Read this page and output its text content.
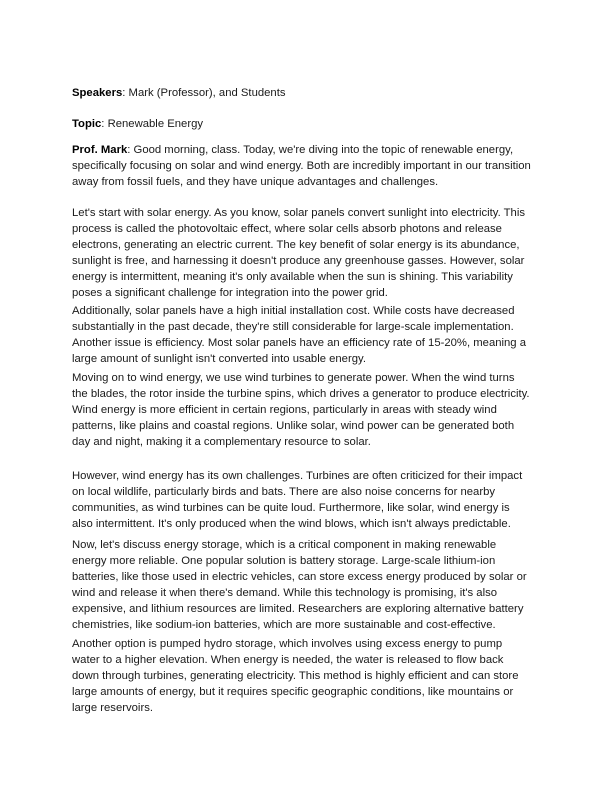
Speakers: Mark (Professor), and Students

Topic: Renewable Energy

Prof. Mark: Good morning, class. Today, we're diving into the topic of renewable energy, specifically focusing on solar and wind energy. Both are incredibly important in our transition away from fossil fuels, and they have unique advantages and challenges.

Let's start with solar energy. As you know, solar panels convert sunlight into electricity. This process is called the photovoltaic effect, where solar cells absorb photons and release electrons, generating an electric current. The key benefit of solar energy is its abundance, sunlight is free, and harnessing it doesn't produce any greenhouse gasses. However, solar energy is intermittent, meaning it's only available when the sun is shining. This variability poses a significant challenge for integration into the power grid.

Additionally, solar panels have a high initial installation cost. While costs have decreased substantially in the past decade, they're still considerable for large-scale implementation. Another issue is efficiency. Most solar panels have an efficiency rate of 15-20%, meaning a large amount of sunlight isn't converted into usable energy.

Moving on to wind energy, we use wind turbines to generate power. When the wind turns the blades, the rotor inside the turbine spins, which drives a generator to produce electricity. Wind energy is more efficient in certain regions, particularly in areas with steady wind patterns, like plains and coastal regions. Unlike solar, wind power can be generated both day and night, making it a complementary resource to solar.

However, wind energy has its own challenges. Turbines are often criticized for their impact on local wildlife, particularly birds and bats. There are also noise concerns for nearby communities, as wind turbines can be quite loud. Furthermore, like solar, wind energy is also intermittent. It's only produced when the wind blows, which isn't always predictable.

Now, let's discuss energy storage, which is a critical component in making renewable energy more reliable. One popular solution is battery storage. Large-scale lithium-ion batteries, like those used in electric vehicles, can store excess energy produced by solar or wind and release it when there's demand. While this technology is promising, it's also expensive, and lithium resources are limited. Researchers are exploring alternative battery chemistries, like sodium-ion batteries, which are more sustainable and cost-effective.

Another option is pumped hydro storage, which involves using excess energy to pump water to a higher elevation. When energy is needed, the water is released to flow back down through turbines, generating electricity. This method is highly efficient and can store large amounts of energy, but it requires specific geographic conditions, like mountains or large reservoirs.
